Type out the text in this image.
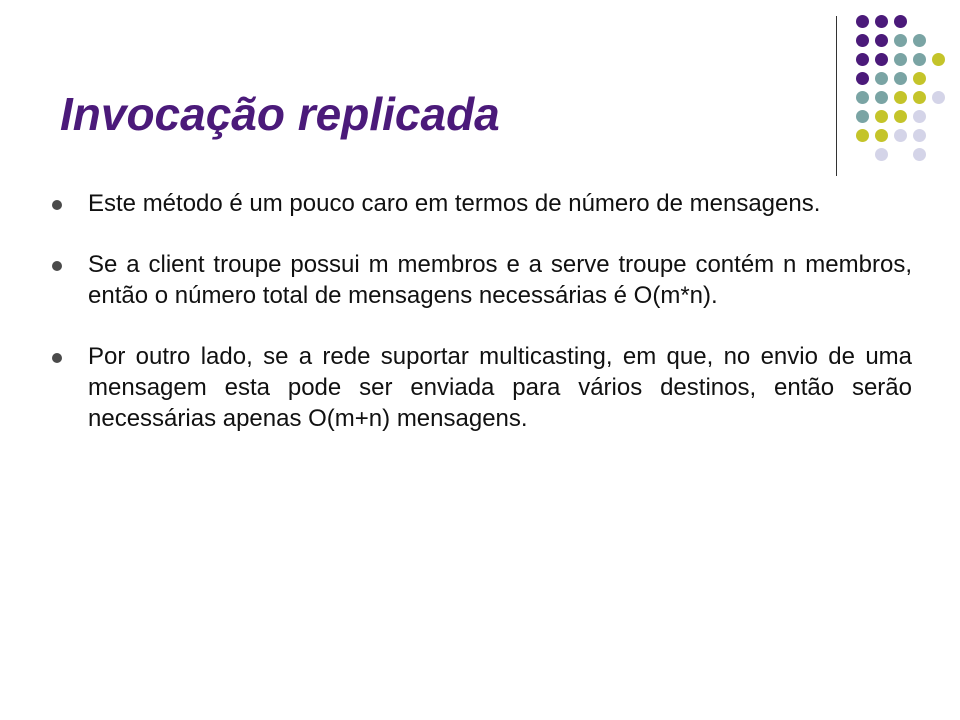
Invocação replicada
Este método é um pouco caro em termos de número de mensagens.
Se a client troupe possui m membros e a serve troupe contém n membros, então o número total de mensagens necessárias é O(m*n).
Por outro lado, se a rede suportar multicasting, em que, no envio de uma mensagem esta pode ser enviada para vários destinos, então serão necessárias apenas O(m+n) mensagens.
